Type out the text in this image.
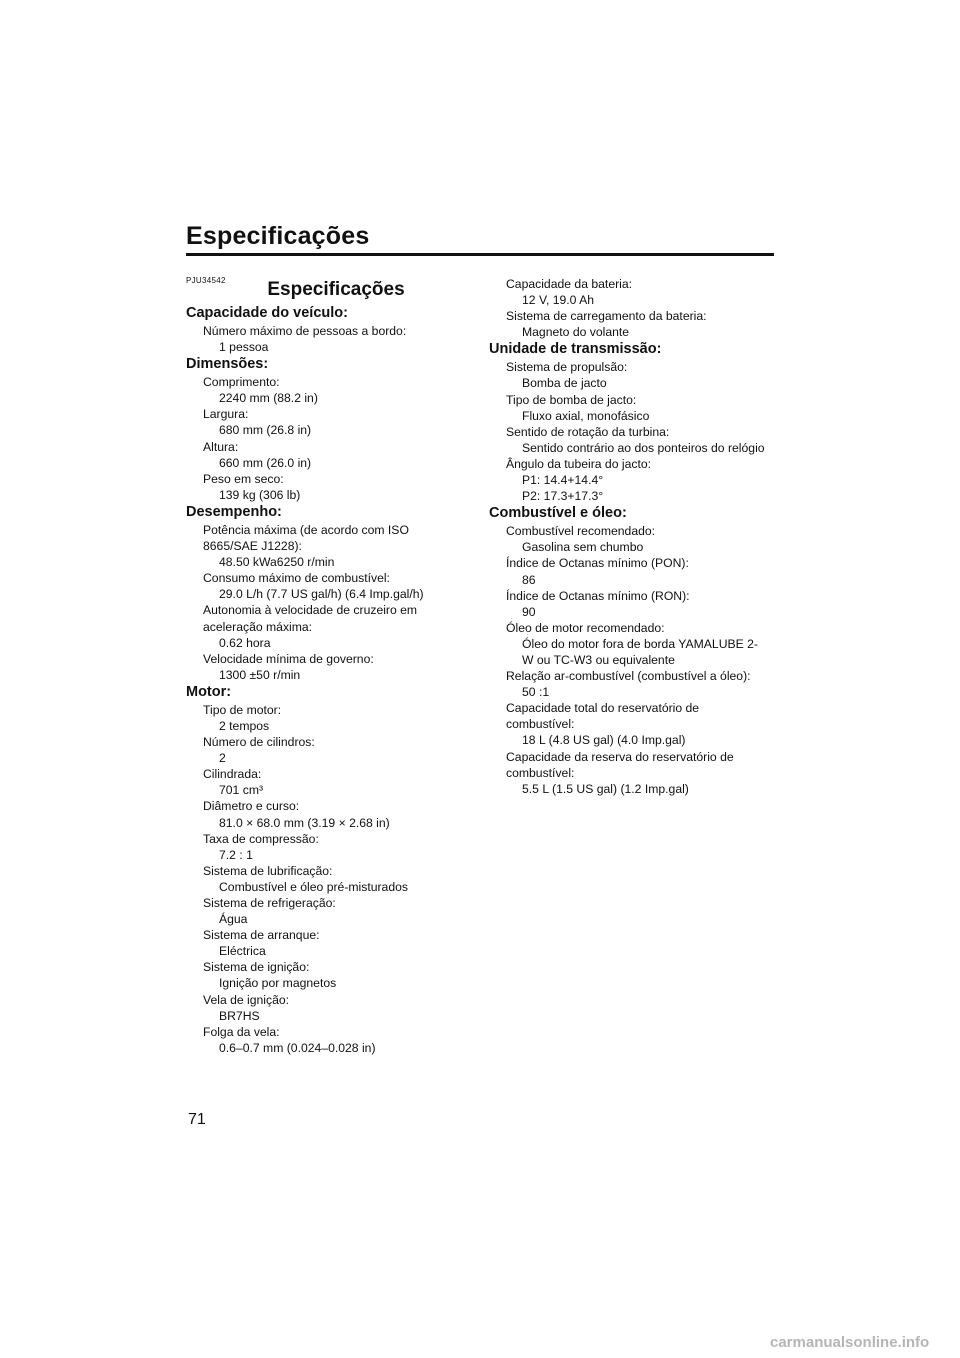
Especificações

PJU34542	Especificações
Capacidade do veículo:

Número máximo de pessoas a bordo:

1 pessoa

Dimensões:

Comprimento:

2240 mm (88.2 in)

Largura:

680 mm (26.8 in)

Altura:

660 mm (26.0 in)

Peso em seco:

139 kg (306 lb)

Desempenho:

Potência máxima (de acordo com ISO

8665/SAE J1228):

48.50 kWa6250 r/min

Consumo máximo de combustível:

29.0 L/h (7.7 US gal/h) (6.4 Imp.gal/h)

Autonomia à velocidade de cruzeiro em

aceleração máxima:

0.62 hora

Velocidade mínima de governo:

1300 ±50 r/min

Motor:

Tipo de motor:

2 tempos

Número de cilindros:

2

Cilindrada:

701 cm³

Diâmetro e curso:

81.0 × 68.0 mm (3.19 × 2.68 in)

Taxa de compressão:

7.2 : 1

Sistema de lubrificação:

Combustível e óleo pré-misturados

Sistema de refrigeração:

Água

Sistema de arranque:

Eléctrica

Sistema de ignição:

Ignição por magnetos

Vela de ignição:

BR7HS

Folga da vela:

0.6–0.7 mm (0.024–0.028 in)

Capacidade da bateria:

12 V, 19.0 Ah

Sistema de carregamento da bateria:

Magneto do volante

Unidade de transmissão:

Sistema de propulsão:

Bomba de jacto

Tipo de bomba de jacto:

Fluxo axial, monofásico

Sentido de rotação da turbina:

Sentido contrário ao dos ponteiros do relógio

Ângulo da tubeira do jacto:

P1: 14.4+14.4°

P2: 17.3+17.3°

Combustível e óleo:

Combustível recomendado:

Gasolina sem chumbo

Índice de Octanas mínimo (PON):

86

Índice de Octanas mínimo (RON):

90

Óleo de motor recomendado:

Óleo do motor fora de borda YAMALUBE 2-

W ou TC-W3 ou equivalente

Relação ar-combustível (combustível a óleo):

50 :1

Capacidade total do reservatório de

combustível:

18 L (4.8 US gal) (4.0 Imp.gal)

Capacidade da reserva do reservatório de

combustível:

5.5 L (1.5 US gal) (1.2 Imp.gal)

71

carmanualsonline.info
